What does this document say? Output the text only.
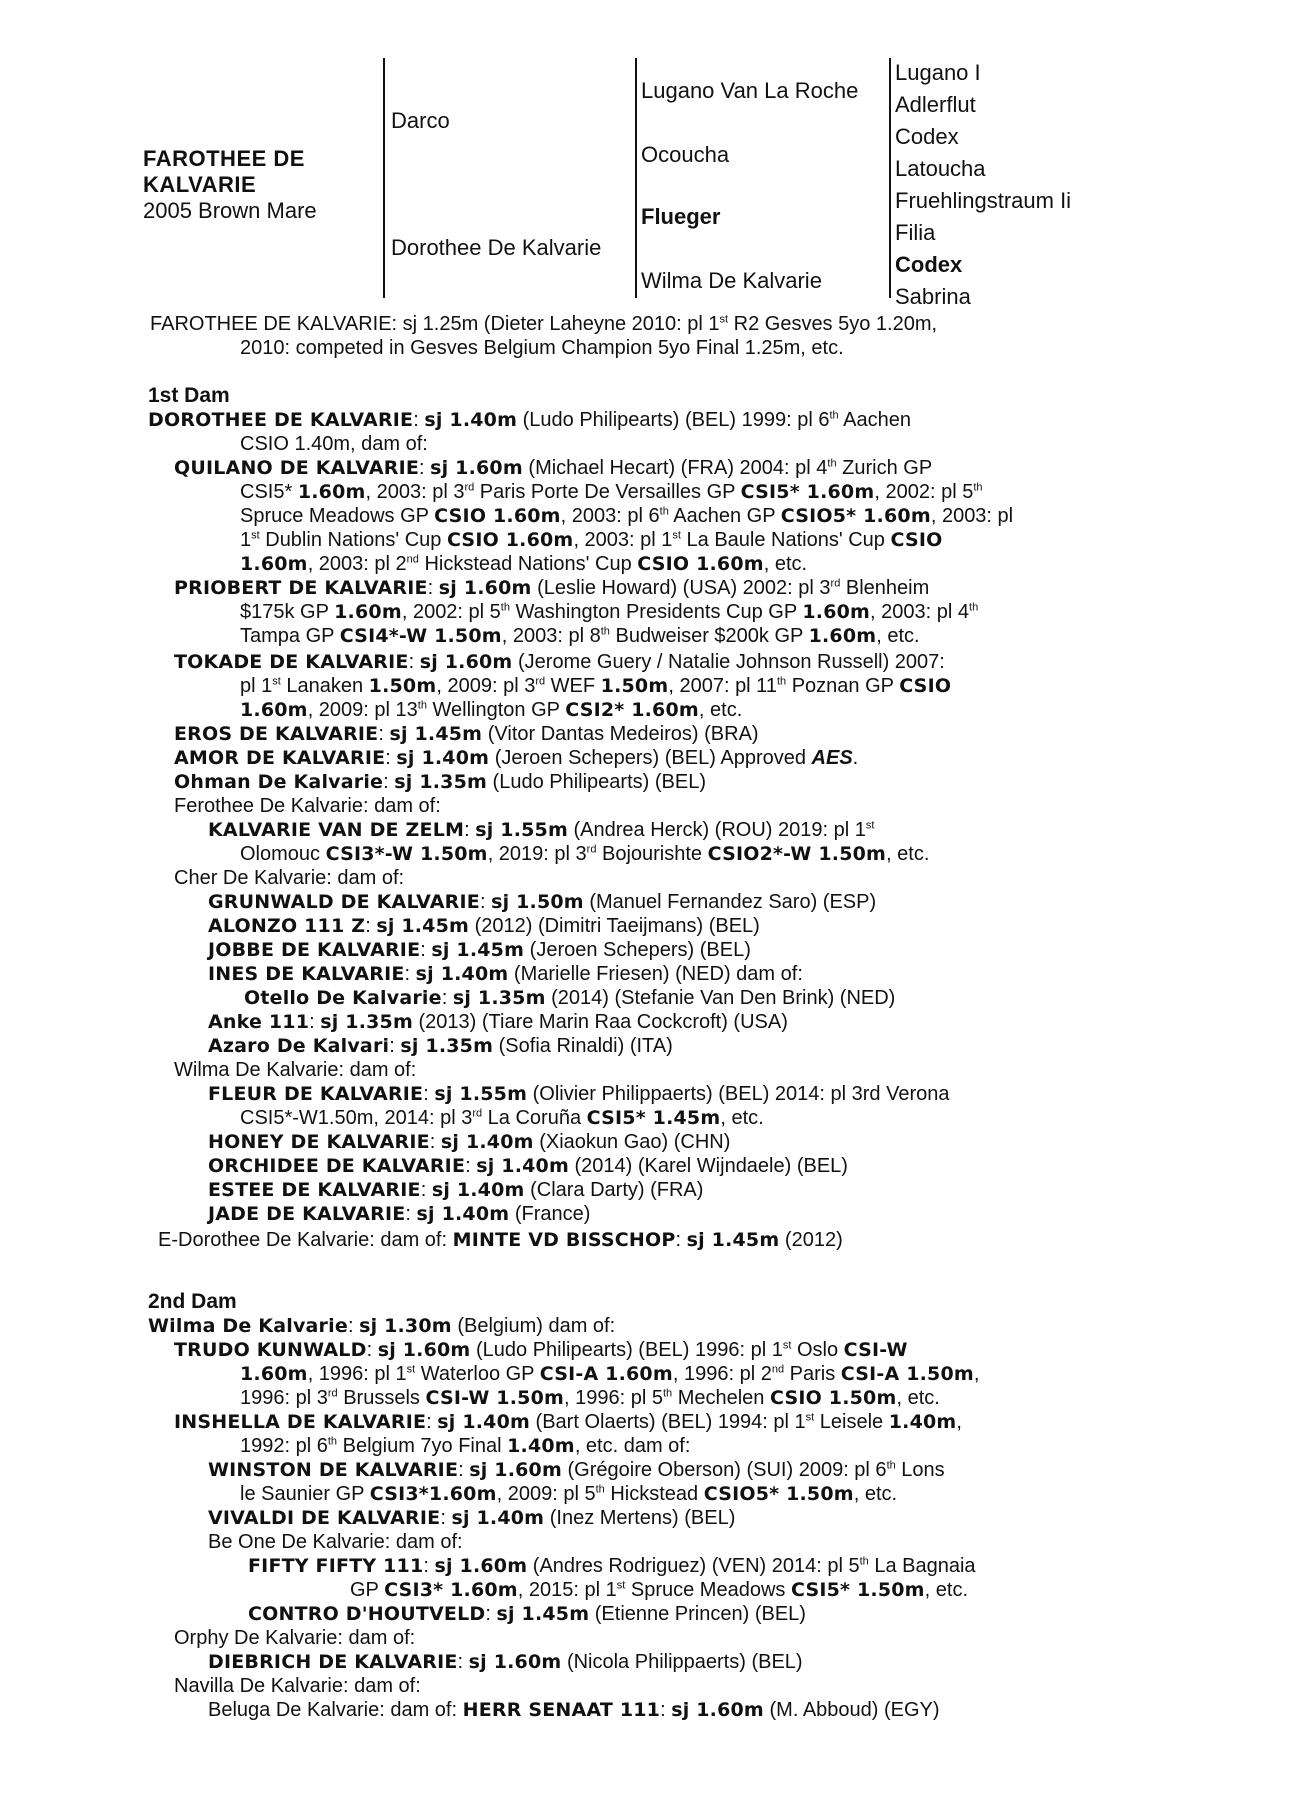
FAROTHEE DE KALVARIE
2005 Brown Mare
Darco
Dorothee De Kalvarie
Lugano Van La Roche
Ocoucha
Flueger
Wilma De Kalvarie
Lugano I
Adlerflut
Codex
Latoucha
Fruehlingstraum Ii
Filia
Codex
Sabrina
FAROTHEE DE KALVARIE: sj 1.25m (Dieter Laheyne 2010: pl 1st R2 Gesves 5yo 1.20m,
2010: competed in Gesves Belgium Champion 5yo Final 1.25m, etc.
1st Dam
DOROTHEE DE KALVARIE: sj 1.40m (Ludo Philipearts) (BEL) 1999: pl 6th Aachen
CSIO 1.40m, dam of:
QUILANO DE KALVARIE: sj 1.60m (Michael Hecart) (FRA) 2004: pl 4th Zurich GP
CSI5* 1.60m, 2003: pl 3rd Paris Porte De Versailles GP CSI5* 1.60m, 2002: pl 5th
Spruce Meadows GP CSIO 1.60m, 2003: pl 6th Aachen GP CSIO5* 1.60m, 2003: pl
1st Dublin Nations' Cup CSIO 1.60m, 2003: pl 1st La Baule Nations' Cup CSIO
1.60m, 2003: pl 2nd Hickstead Nations' Cup CSIO 1.60m, etc.
PRIOBERT DE KALVARIE: sj 1.60m (Leslie Howard) (USA) 2002: pl 3rd Blenheim
$175k GP 1.60m, 2002: pl 5th Washington Presidents Cup GP 1.60m, 2003: pl 4th
Tampa GP CSI4*-W 1.50m, 2003: pl 8th Budweiser $200k GP 1.60m, etc.
TOKADE DE KALVARIE: sj 1.60m (Jerome Guery / Natalie Johnson Russell) 2007:
pl 1st Lanaken 1.50m, 2009: pl 3rd WEF 1.50m, 2007: pl 11th Poznan GP CSIO
1.60m, 2009: pl 13th Wellington GP CSI2* 1.60m, etc.
EROS DE KALVARIE: sj 1.45m (Vitor Dantas Medeiros) (BRA)
AMOR DE KALVARIE: sj 1.40m (Jeroen Schepers) (BEL) Approved AES.
Ohman De Kalvarie: sj 1.35m (Ludo Philipearts) (BEL)
Ferothee De Kalvarie: dam of:
KALVARIE VAN DE ZELM: sj 1.55m (Andrea Herck) (ROU) 2019: pl 1st
Olomouc CSI3*-W 1.50m, 2019: pl 3rd Bojourishte CSIO2*-W 1.50m, etc.
Cher De Kalvarie: dam of:
GRUNWALD DE KALVARIE: sj 1.50m (Manuel Fernandez Saro) (ESP)
ALONZO 111 Z: sj 1.45m (2012) (Dimitri Taeijmans) (BEL)
JOBBE DE KALVARIE: sj 1.45m (Jeroen Schepers) (BEL)
INES DE KALVARIE: sj 1.40m (Marielle Friesen) (NED) dam of:
Otello De Kalvarie: sj 1.35m (2014) (Stefanie Van Den Brink) (NED)
Anke 111: sj 1.35m (2013) (Tiare Marin Raa Cockcroft) (USA)
Azaro De Kalvari: sj 1.35m (Sofia Rinaldi) (ITA)
Wilma De Kalvarie: dam of:
FLEUR DE KALVARIE: sj 1.55m (Olivier Philippaerts) (BEL) 2014: pl 3rd Verona
CSI5*-W1.50m, 2014: pl 3rd La Coruña CSI5* 1.45m, etc.
HONEY DE KALVARIE: sj 1.40m (Xiaokun Gao) (CHN)
ORCHIDEE DE KALVARIE: sj 1.40m (2014) (Karel Wijndaele) (BEL)
ESTEE DE KALVARIE: sj 1.40m (Clara Darty) (FRA)
JADE DE KALVARIE: sj 1.40m (France)
E-Dorothee De Kalvarie: dam of: MINTE VD BISSCHOP: sj 1.45m (2012)
2nd Dam
Wilma De Kalvarie: sj 1.30m (Belgium) dam of:
TRUDO KUNWALD: sj 1.60m (Ludo Philipearts) (BEL) 1996: pl 1st Oslo CSI-W
1.60m, 1996: pl 1st Waterloo GP CSI-A 1.60m, 1996: pl 2nd Paris CSI-A 1.50m,
1996: pl 3rd Brussels CSI-W 1.50m, 1996: pl 5th Mechelen CSIO 1.50m, etc.
INSHELLA DE KALVARIE: sj 1.40m (Bart Olaerts) (BEL) 1994: pl 1st Leisele 1.40m,
1992: pl 6th Belgium 7yo Final 1.40m, etc. dam of:
WINSTON DE KALVARIE: sj 1.60m (Grégoire Oberson) (SUI) 2009: pl 6th Lons
le Saunier GP CSI3*1.60m, 2009: pl 5th Hickstead CSIO5* 1.50m, etc.
VIVALDI DE KALVARIE: sj 1.40m (Inez Mertens) (BEL)
Be One De Kalvarie: dam of:
FIFTY FIFTY 111: sj 1.60m (Andres Rodriguez) (VEN) 2014: pl 5th La Bagnaia
GP CSI3* 1.60m, 2015: pl 1st Spruce Meadows CSI5* 1.50m, etc.
CONTRO D'HOUTVELD: sj 1.45m (Etienne Princen) (BEL)
Orphy De Kalvarie: dam of:
DIEBRICH DE KALVARIE: sj 1.60m (Nicola Philippaerts) (BEL)
Navilla De Kalvarie: dam of:
Beluga De Kalvarie: dam of: HERR SENAAT 111: sj 1.60m (M. Abboud) (EGY)
